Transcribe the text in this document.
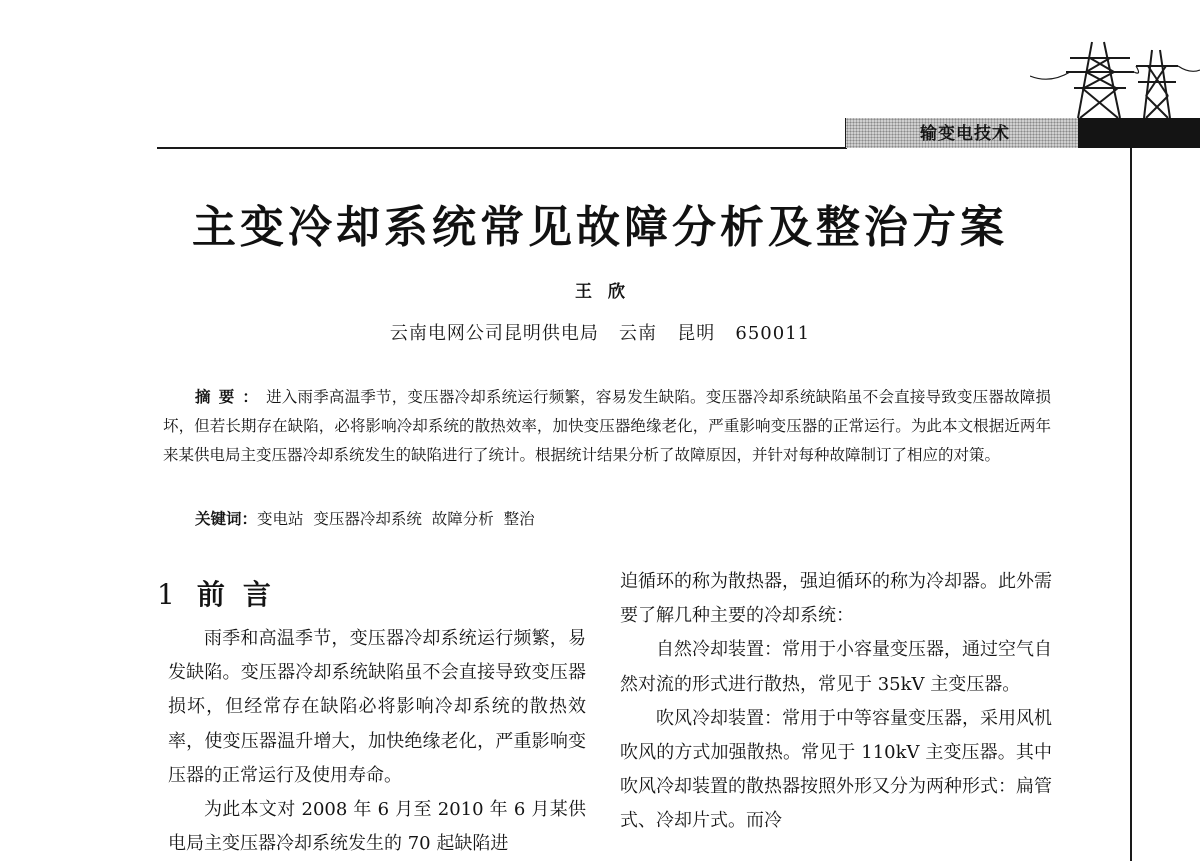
输变电技术
主变冷却系统常见故障分析及整治方案
王欣
云南电网公司昆明供电局   云南   昆明   650011
摘要：进入雨季高温季节，变压器冷却系统运行频繁，容易发生缺陷。变压器冷却系统缺陷虽不会直接导致变压器故障损坏，但若长期存在缺陷，必将影响冷却系统的散热效率，加快变压器绝缘老化，严重影响变压器的正常运行。为此本文根据近两年来某供电局主变压器冷却系统发生的缺陷进行了统计。根据统计结果分析了故障原因，并针对每种故障制订了相应的对策。
关键词：变电站  变压器冷却系统  故障分析  整治
1 前言

雨季和高温季节，变压器冷却系统运行频繁，易发缺陷。变压器冷却系统缺陷虽不会直接导致变压器损坏，但经常存在缺陷必将影响冷却系统的散热效率，使变压器温升增大，加快绝缘老化，严重影响变压器的正常运行及使用寿命。

为此本文对 2008 年 6 月至 2010 年 6 月某供电局主变压器冷却系统发生的 70 起缺陷进

迫循环的称为散热器，强迫循环的称为冷却器。此外需要了解几种主要的冷却系统：

自然冷却装置：常用于小容量变压器，通过空气自然对流的形式进行散热，常见于 35kV 主变压器。

吹风冷却装置：常用于中等容量变压器，采用风机吹风的方式加强散热。常见于 110kV 主变压器。其中吹风冷却装置的散热器按照外形又分为两种形式：扁管式、冷却片式。而冷
